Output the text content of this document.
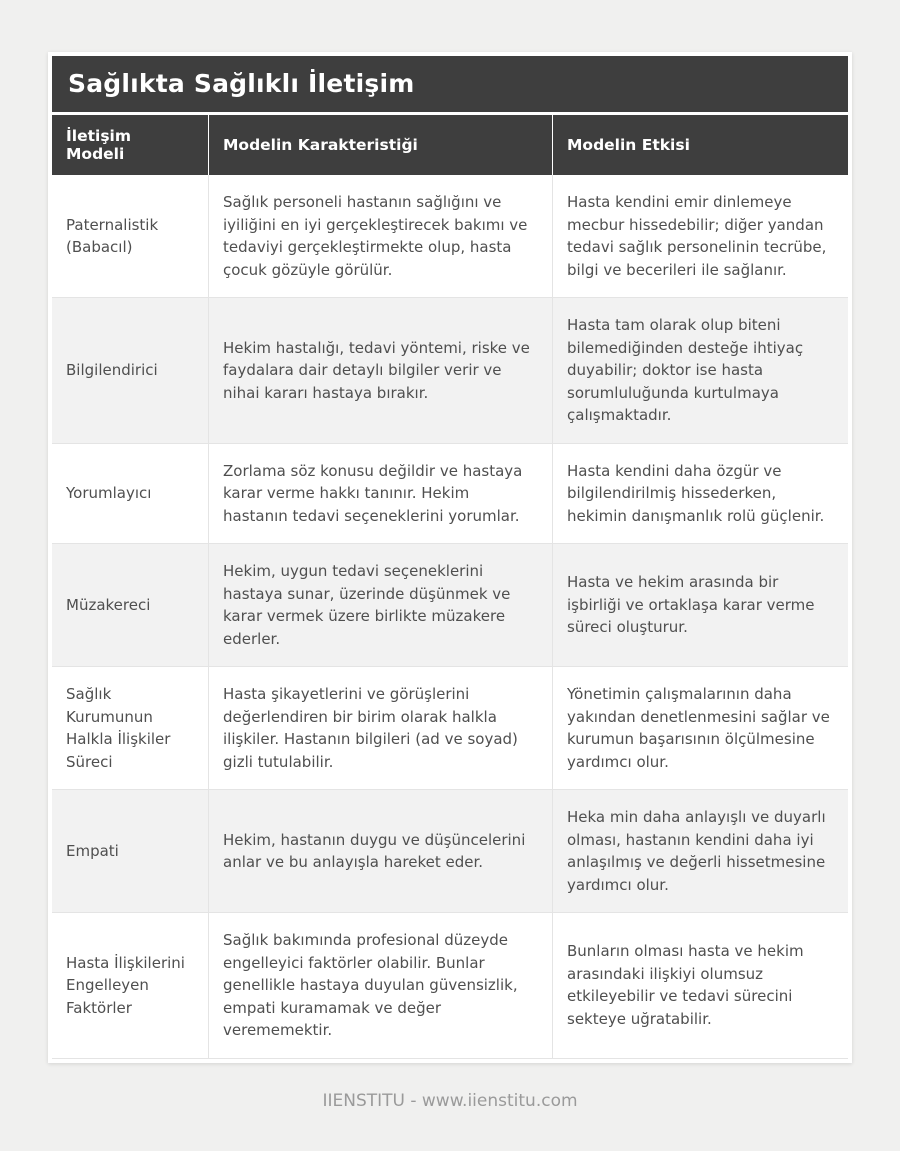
Sağlıkta Sağlıklı İletişim
İletişim Modeli	Modelin Karakteristiği	Modelin Etkisi
Paternalistik (Babacıl)	Sağlık personeli hastanın sağlığını ve iyiliğini en iyi gerçekleştirecek bakımı ve tedaviyi gerçekleştirmekte olup, hasta çocuk gözüyle görülür.	Hasta kendini emir dinlemeye mecbur hissedebilir; diğer yandan tedavi sağlık personelinin tecrübe, bilgi ve becerileri ile sağlanır.
Bilgilendirici	Hekim hastalığı, tedavi yöntemi, riske ve faydalara dair detaylı bilgiler verir ve nihai kararı hastaya bırakır.	Hasta tam olarak olup biteni bilemediğinden desteğe ihtiyaç duyabilir; doktor ise hasta sorumluluğunda kurtulmaya çalışmaktadır.
Yorumlayıcı	Zorlama söz konusu değildir ve hastaya karar verme hakkı tanınır. Hekim hastanın tedavi seçeneklerini yorumlar.	Hasta kendini daha özgür ve bilgilendirilmiş hissederken, hekimin danışmanlık rolü güçlenir.
Müzakereci	Hekim, uygun tedavi seçeneklerini hastaya sunar, üzerinde düşünmek ve karar vermek üzere birlikte müzakere ederler.	Hasta ve hekim arasında bir işbirliği ve ortaklaşa karar verme süreci oluşturur.
Sağlık Kurumunun Halkla İlişkiler Süreci	Hasta şikayetlerini ve görüşlerini değerlendiren bir birim olarak halkla ilişkiler. Hastanın bilgileri (ad ve soyad) gizli tutulabilir.	Yönetimin çalışmalarının daha yakından denetlenmesini sağlar ve kurumun başarısının ölçülmesine yardımcı olur.
Empati	Hekim, hastanın duygu ve düşüncelerini anlar ve bu anlayışla hareket eder.	Heka min daha anlayışlı ve duyarlı olması, hastanın kendini daha iyi anlaşılmış ve değerli hissetmesine yardımcı olur.
Hasta İlişkilerini Engelleyen Faktörler	Sağlık bakımında profesional düzeyde engelleyici faktörler olabilir. Bunlar genellikle hastaya duyulan güvensizlik, empati kuramamak ve değer verememektir.	Bunların olması hasta ve hekim arasındaki ilişkiyi olumsuz etkileyebilir ve tedavi sürecini sekteye uğratabilir.
IIENSTITU - www.iienstitu.com
